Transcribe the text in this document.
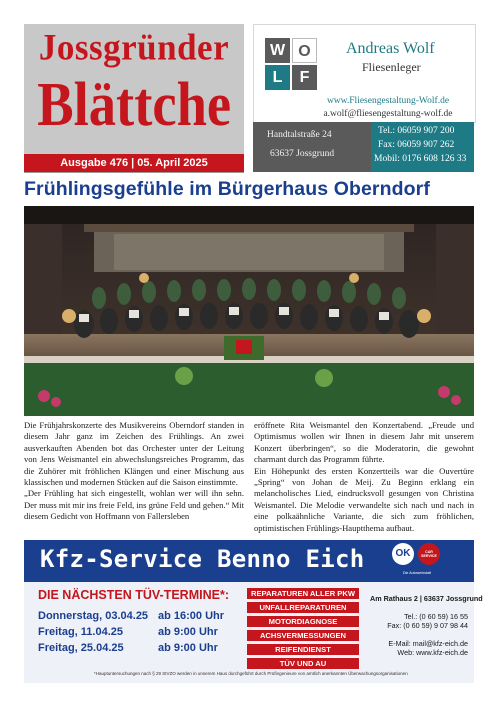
Jossgründer
Blättche
Ausgabe 476 | 05. April 2025
W O
L	F
Andreas Wolf
Fliesenleger
www.Fliesengestaltung-Wolf.de
a.wolf@fliesengestaltung-wolf.de
Handtalstraße 24
63637 Jossgrund
Tel.: 06059 907 200
Fax: 06059 907 262
Mobil: 0176 608 126 33
Frühlingsgefühle im Bürgerhaus Oberndorf

Die Frühjahrskonzerte des Musikvereins Oberndorf standen in diesem Jahr ganz im Zeichen des Frühlings. An zwei ausverkauften Abenden bot das Orchester unter der Leitung von Jens Weismantel ein abwechslungsreiches Programm, das die Zuhörer mit fröhlichen Klängen und einer Mischung aus klassischen und modernen Stücken auf die Saison einstimmte.

„Der Frühling hat sich eingestellt, wohlan wer will ihn sehn. Der muss mit mir ins freie Feld, ins grüne Feld und gehen.“ Mit diesem Gedicht von Hoffmann von Fallersleben

eröffnete Rita Weismantel den Konzertabend. „Freude und Optimismus wollen wir Ihnen in diesem Jahr mit unserem Konzert überbringen“, so die Moderatorin, die gewohnt charmant durch das Programm führte.

Ein Höhepunkt des ersten Konzertteils war die Ouvertüre „Spring“ von Johan de Meij. Zu Beginn erklang ein melancholisches Lied, eindrucksvoll gesungen von Christina Weismantel. Die Melodie verwandelte sich nach und nach in eine polkaähnliche Variante, die sich zum fröhlichen, optimistischen Frühlings-Hauptthema aufbaut.

Kfz-Service Benno Eich	OK	CAR SERVICE
Die Autowerkstatt
DIE NÄCHSTEN TÜV-TERMINE*:
Donnerstag, 03.04.25 ab 16:00 Uhr
Freitag, 11.04.25	ab 9:00 Uhr
Freitag, 25.04.25	ab 9:00 Uhr
REPARATUREN ALLER PKW
UNFALLREPARATUREN
MOTORDIAGNOSE
ACHSVERMESSUNGEN
REIFENDIENST
TÜV UND AU
Am Rathaus 2 | 63637 Jossgrund
Tel.: (0 60 59) 16 55
Fax: (0 60 59) 9 07 98 44
E-Mail: mail@kfz-eich.de
Web: www.kfz-eich.de
*Hauptuntersuchungen nach § 29 StVZO werden in unserem Haus durchgeführt durch Prüfingenieure von amtlich anerkannten Überwachungsorganisationen
